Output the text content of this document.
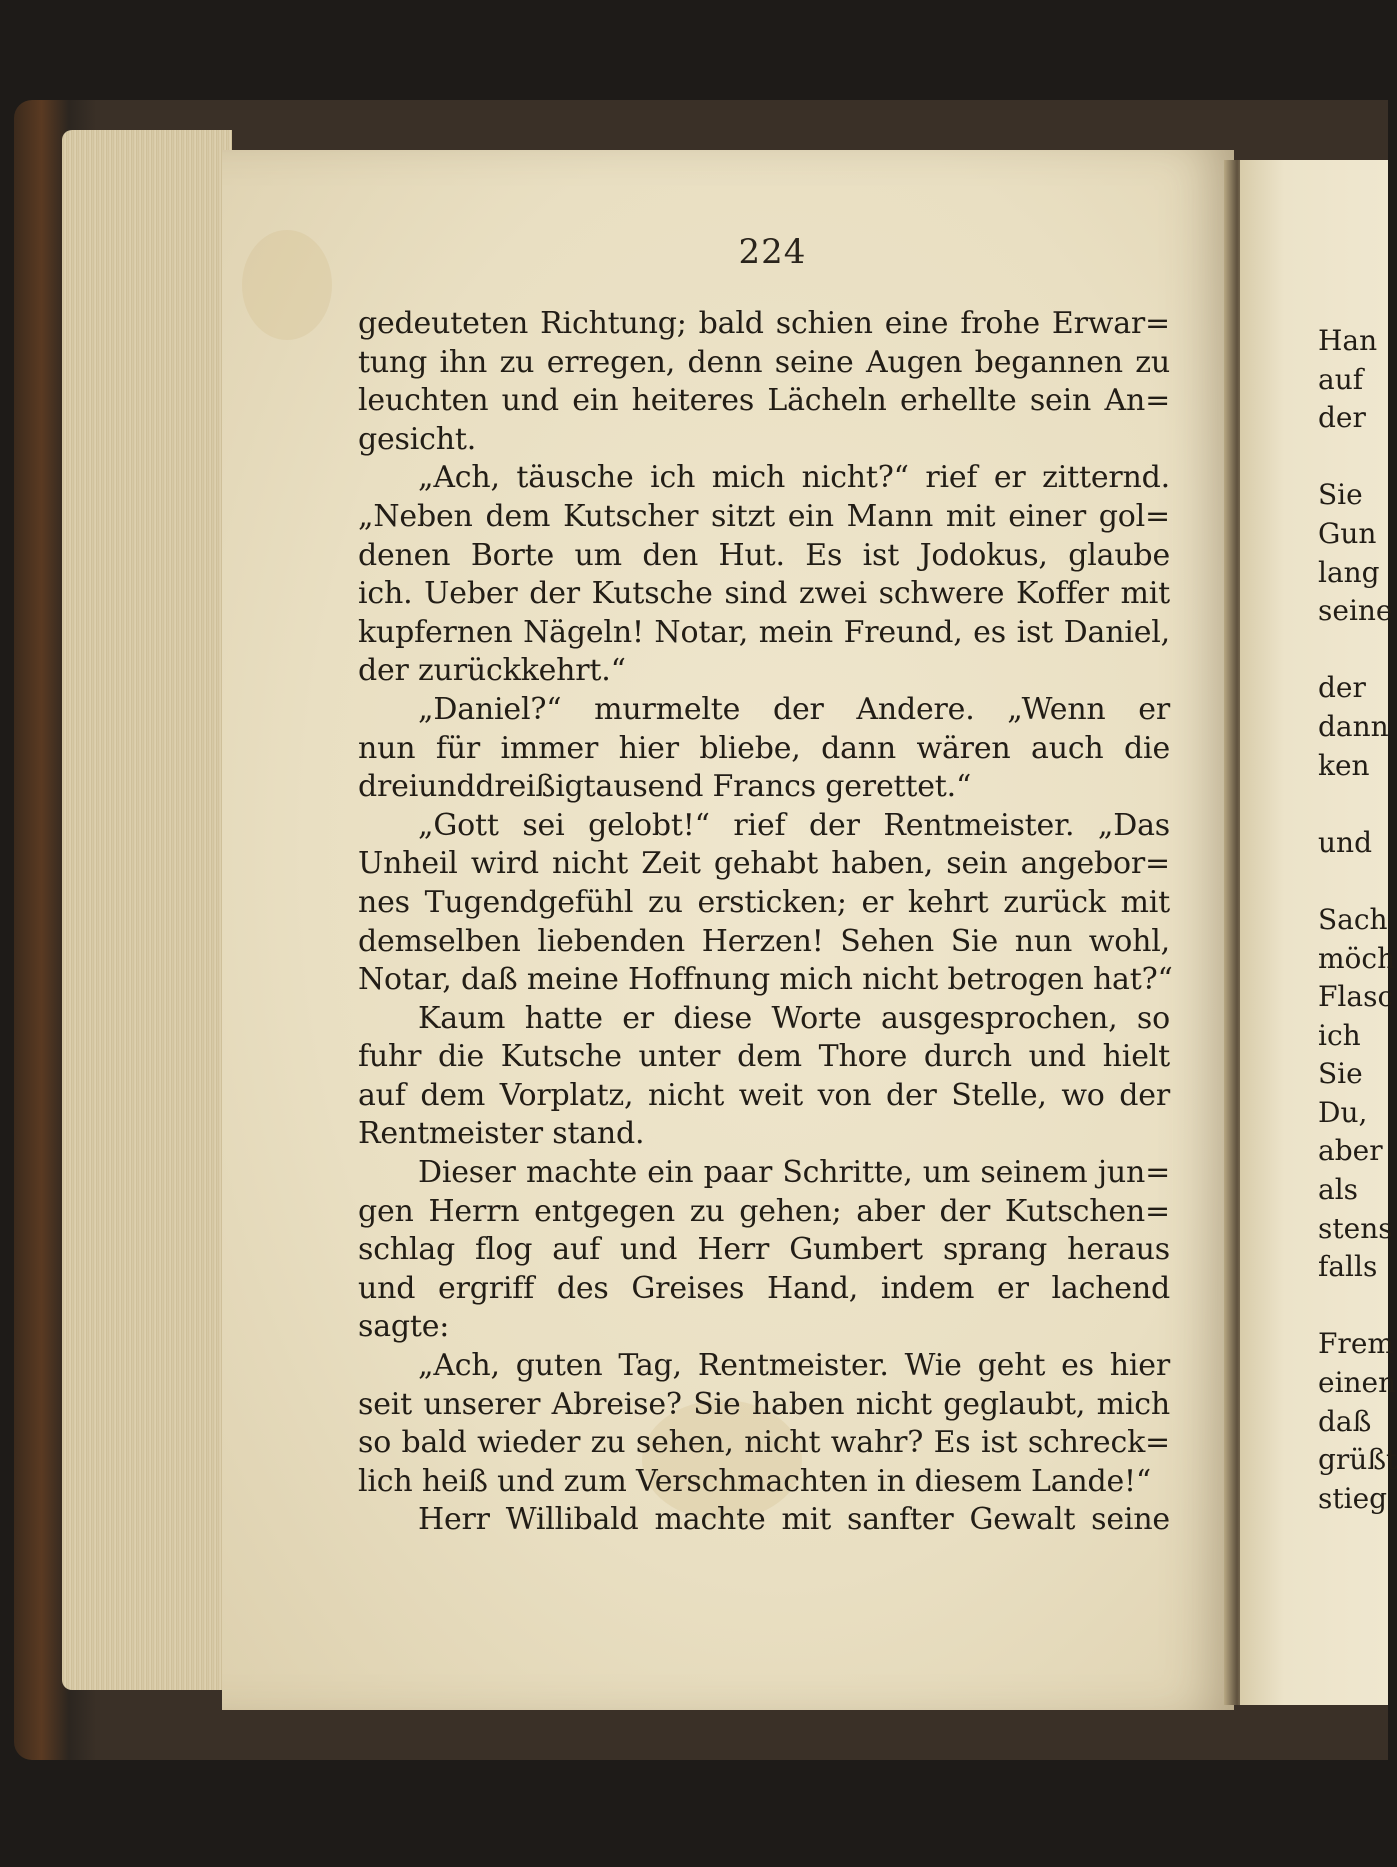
224
gedeuteten Richtung; bald schien eine frohe Erwar=
tung ihn zu erregen, denn seine Augen begannen zu
leuchten und ein heiteres Lächeln erhellte sein An=
gesicht.
„Ach, täusche ich mich nicht?“ rief er zitternd.
„Neben dem Kutscher sitzt ein Mann mit einer gol=
denen Borte um den Hut. Es ist Jodokus, glaube
ich. Ueber der Kutsche sind zwei schwere Koffer mit
kupfernen Nägeln! Notar, mein Freund, es ist Daniel,
der zurückkehrt.“
„Daniel?“ murmelte der Andere. „Wenn er
nun für immer hier bliebe, dann wären auch die
dreiunddreißigtausend Francs gerettet.“
„Gott sei gelobt!“ rief der Rentmeister. „Das
Unheil wird nicht Zeit gehabt haben, sein angebor=
nes Tugendgefühl zu ersticken; er kehrt zurück mit
demselben liebenden Herzen! Sehen Sie nun wohl,
Notar, daß meine Hoffnung mich nicht betrogen hat?“
Kaum hatte er diese Worte ausgesprochen, so
fuhr die Kutsche unter dem Thore durch und hielt
auf dem Vorplatz, nicht weit von der Stelle, wo der
Rentmeister stand.
Dieser machte ein paar Schritte, um seinem jun=
gen Herrn entgegen zu gehen; aber der Kutschen=
schlag flog auf und Herr Gumbert sprang heraus
und ergriff des Greises Hand, indem er lachend
sagte:
„Ach, guten Tag, Rentmeister. Wie geht es hier
seit unserer Abreise? Sie haben nicht geglaubt, mich
so bald wieder zu sehen, nicht wahr? Es ist schreck=
lich heiß und zum Verschmachten in diesem Lande!“
Herr Willibald machte mit sanfter Gewalt seine
Han
auf
der
Sie
Gun
lang
seine
der
dann
ken
und
Sach
möch
Flasc
ich
Sie
Du,
aber
als
stens
falls
Frem
einen
daß
grüßt
stieg
